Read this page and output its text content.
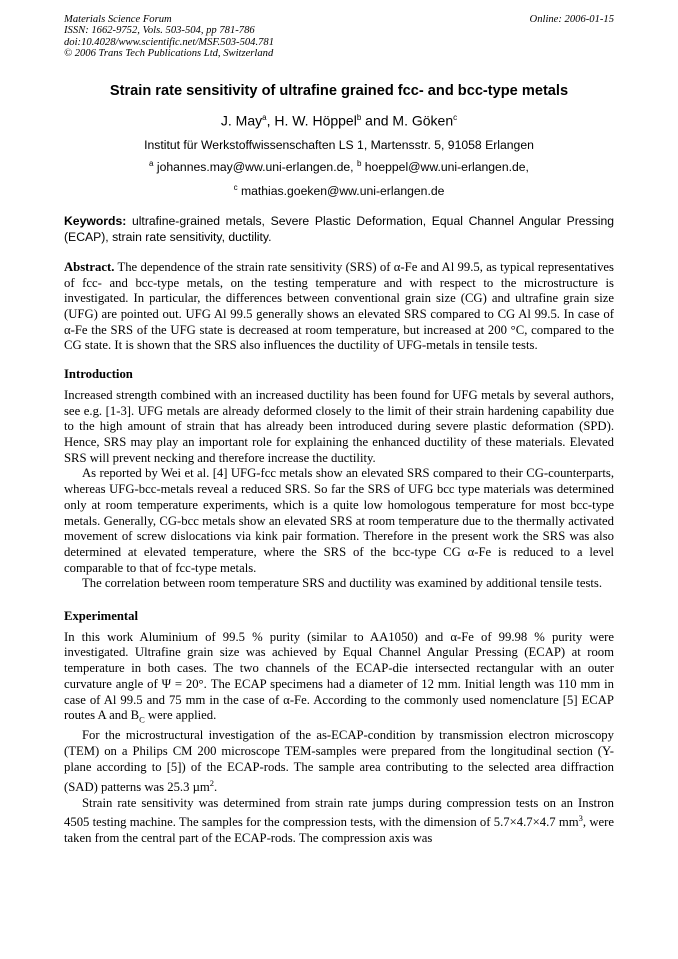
Materials Science Forum	Online: 2006-01-15
ISSN: 1662-9752, Vols. 503-504, pp 781-786
doi:10.4028/www.scientific.net/MSF.503-504.781
© 2006 Trans Tech Publications Ltd, Switzerland
Strain rate sensitivity of ultrafine grained fcc- and bcc-type metals
J. May$^a$, H. W. Höppel$^b$ and M. Göken$^c$
Institut für Werkstoffwissenschaften LS 1, Martensstr. 5, 91058 Erlangen
$^a$ johannes.may@ww.uni-erlangen.de, $^b$ hoeppel@ww.uni-erlangen.de,
$^c$ mathias.goeken@ww.uni-erlangen.de
Keywords: ultrafine-grained metals, Severe Plastic Deformation, Equal Channel Angular Pressing (ECAP), strain rate sensitivity, ductility.
Abstract. The dependence of the strain rate sensitivity (SRS) of α-Fe and Al 99.5, as typical representatives of fcc- and bcc-type metals, on the testing temperature and with respect to the microstructure is investigated. In particular, the differences between conventional grain size (CG) and ultrafine grain size (UFG) are pointed out. UFG Al 99.5 generally shows an elevated SRS compared to CG Al 99.5. In case of α-Fe the SRS of the UFG state is decreased at room temperature, but increased at 200 °C, compared to the CG state. It is shown that the SRS also influences the ductility of UFG-metals in tensile tests.
Introduction

Increased strength combined with an increased ductility has been found for UFG metals by several authors, see e.g. [1-3]. UFG metals are already deformed closely to the limit of their strain hardening capability due to the high amount of strain that has already been introduced during severe plastic deformation (SPD). Hence, SRS may play an important role for explaining the enhanced ductility of these materials. Elevated SRS will prevent necking and therefore increase the ductility.

As reported by Wei et al. [4] UFG-fcc metals show an elevated SRS compared to their CG-counterparts, whereas UFG-bcc-metals reveal a reduced SRS. So far the SRS of UFG bcc type materials was determined only at room temperature experiments, which is a quite low homologous temperature for most bcc-type metals. Generally, CG-bcc metals show an elevated SRS at room temperature due to the thermally activated movement of screw dislocations via kink pair formation. Therefore in the present work the SRS was also determined at elevated temperature, where the SRS of the bcc-type CG α-Fe is reduced to a level comparable to that of fcc-type metals.

The correlation between room temperature SRS and ductility was examined by additional tensile tests.

Experimental

In this work Aluminium of 99.5 % purity (similar to AA1050) and α-Fe of 99.98 % purity were investigated. Ultrafine grain size was achieved by Equal Channel Angular Pressing (ECAP) at room temperature in both cases. The two channels of the ECAP-die intersected rectangular with an outer curvature angle of Ψ = 20°. The ECAP specimens had a diameter of 12 mm. Initial length was 110 mm in case of Al 99.5 and 75 mm in the case of α-Fe. According to the commonly used nomenclature [5] ECAP routes A and $B_C$ were applied.

For the microstructural investigation of the as-ECAP-condition by transmission electron microscopy (TEM) on a Philips CM 200 microscope TEM-samples were prepared from the longitudinal section (Y-plane according to [5]) of the ECAP-rods. The sample area contributing to the selected area diffraction (SAD) patterns was 25.3 µm$^2$.

Strain rate sensitivity was determined from strain rate jumps during compression tests on an Instron 4505 testing machine. The samples for the compression tests, with the dimension of 5.7×4.7×4.7 $mm^3$, were taken from the central part of the ECAP-rods. The compression axis was
